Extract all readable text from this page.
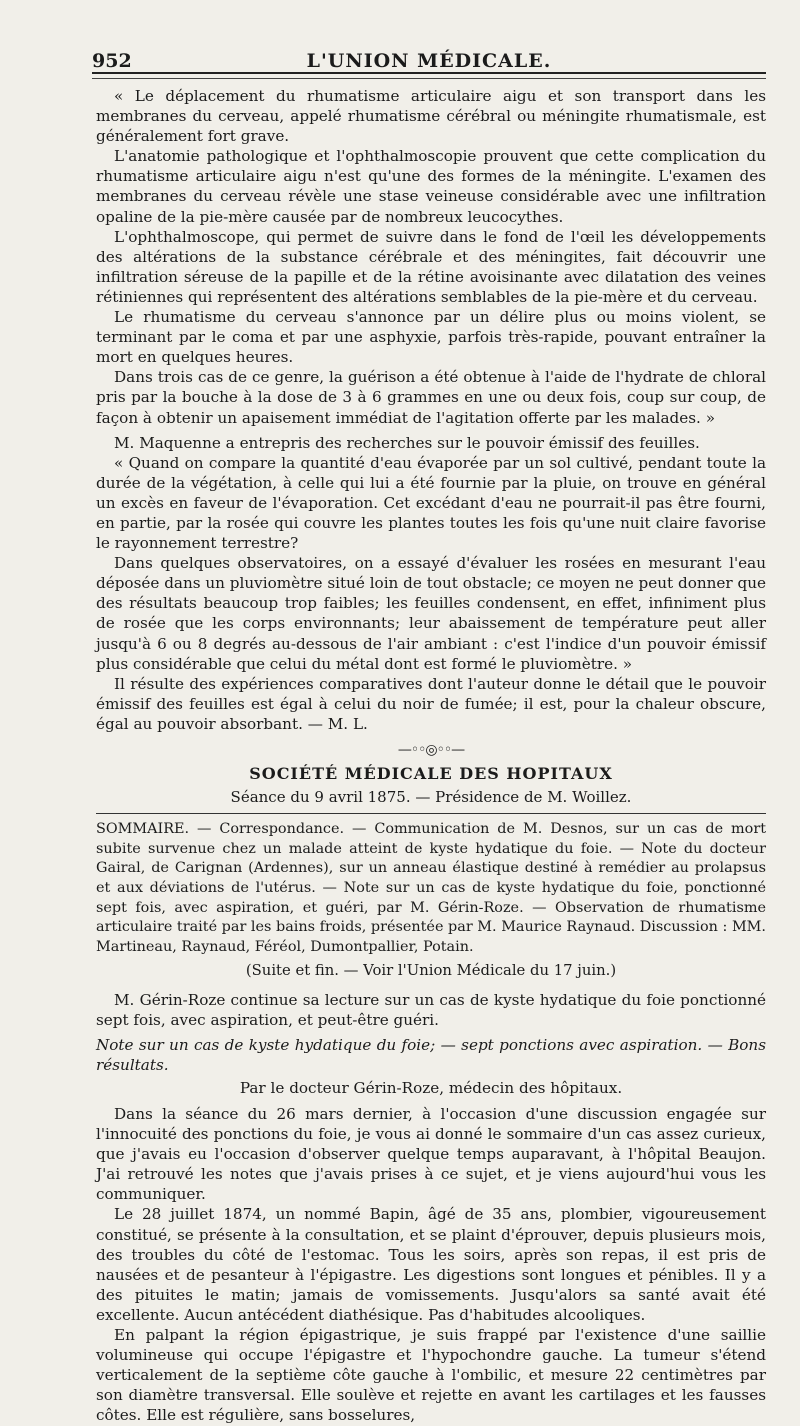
952	L'UNION MÉDICALE.

« Le déplacement du rhumatisme articulaire aigu et son transport dans les membranes du cerveau, appelé rhumatisme cérébral ou méningite rhumatismale, est généralement fort grave.

L'anatomie pathologique et l'ophthalmoscopie prouvent que cette complication du rhumatisme articulaire aigu n'est qu'une des formes de la méningite. L'examen des membranes du cerveau révèle une stase veineuse considérable avec une infiltration opaline de la pie-mère causée par de nombreux leucocythes.

L'ophthalmoscope, qui permet de suivre dans le fond de l'œil les développements des altérations de la substance cérébrale et des méningites, fait découvrir une infiltration séreuse de la papille et de la rétine avoisinante avec dilatation des veines rétiniennes qui représentent des altérations semblables de la pie-mère et du cerveau.

Le rhumatisme du cerveau s'annonce par un délire plus ou moins violent, se terminant par le coma et par une asphyxie, parfois très-rapide, pouvant entraîner la mort en quelques heures.

Dans trois cas de ce genre, la guérison a été obtenue à l'aide de l'hydrate de chloral pris par la bouche à la dose de 3 à 6 grammes en une ou deux fois, coup sur coup, de façon à obtenir un apaisement immédiat de l'agitation offerte par les malades. »

M. Maquenne a entrepris des recherches sur le pouvoir émissif des feuilles.

« Quand on compare la quantité d'eau évaporée par un sol cultivé, pendant toute la durée de la végétation, à celle qui lui a été fournie par la pluie, on trouve en général un excès en faveur de l'évaporation. Cet excédant d'eau ne pourrait-il pas être fourni, en partie, par la rosée qui couvre les plantes toutes les fois qu'une nuit claire favorise le rayonnement terrestre?

Dans quelques observatoires, on a essayé d'évaluer les rosées en mesurant l'eau déposée dans un pluviomètre situé loin de tout obstacle; ce moyen ne peut donner que des résultats beaucoup trop faibles; les feuilles condensent, en effet, infiniment plus de rosée que les corps environnants; leur abaissement de température peut aller jusqu'à 6 ou 8 degrés au-dessous de l'air ambiant : c'est l'indice d'un pouvoir émissif plus considérable que celui du métal dont est formé le pluviomètre. »

Il résulte des expériences comparatives dont l'auteur donne le détail que le pouvoir émissif des feuilles est égal à celui du noir de fumée; il est, pour la chaleur obscure, égal au pouvoir absorbant. — M. L.

—◦◦◎◦◦—
SOCIÉTÉ MÉDICALE DES HOPITAUX
Séance du 9 avril 1875. — Présidence de M. Woillez.

SOMMAIRE. — Correspondance. — Communication de M. Desnos, sur un cas de mort subite survenue chez un malade atteint de kyste hydatique du foie. — Note du docteur Gairal, de Carignan (Ardennes), sur un anneau élastique destiné à remédier au prolapsus et aux déviations de l'utérus. — Note sur un cas de kyste hydatique du foie, ponctionné sept fois, avec aspiration, et guéri, par M. Gérin-Roze. — Observation de rhumatisme articulaire traité par les bains froids, présentée par M. Maurice Raynaud. Discussion : MM. Martineau, Raynaud, Féréol, Dumontpallier, Potain.

(Suite et fin. — Voir l'Union Médicale du 17 juin.)

M. Gérin-Roze continue sa lecture sur un cas de kyste hydatique du foie ponctionné sept fois, avec aspiration, et peut-être guéri.

Note sur un cas de kyste hydatique du foie; — sept ponctions avec aspiration. — Bons résultats.

Par le docteur Gérin-Roze, médecin des hôpitaux.

Dans la séance du 26 mars dernier, à l'occasion d'une discussion engagée sur l'innocuité des ponctions du foie, je vous ai donné le sommaire d'un cas assez curieux, que j'avais eu l'occasion d'observer quelque temps auparavant, à l'hôpital Beaujon. J'ai retrouvé les notes que j'avais prises à ce sujet, et je viens aujourd'hui vous les communiquer.

Le 28 juillet 1874, un nommé Bapin, âgé de 35 ans, plombier, vigoureusement constitué, se présente à la consultation, et se plaint d'éprouver, depuis plusieurs mois, des troubles du côté de l'estomac. Tous les soirs, après son repas, il est pris de nausées et de pesanteur à l'épigastre. Les digestions sont longues et pénibles. Il y a des pituites le matin; jamais de vomissements. Jusqu'alors sa santé avait été excellente. Aucun antécédent diathésique. Pas d'habitudes alcooliques.

En palpant la région épigastrique, je suis frappé par l'existence d'une saillie volumineuse qui occupe l'épigastre et l'hypochondre gauche. La tumeur s'étend verticalement de la septième côte gauche à l'ombilic, et mesure 22 centimètres par son diamètre transversal. Elle soulève et rejette en avant les cartilages et les fausses côtes. Elle est régulière, sans bosselures,
